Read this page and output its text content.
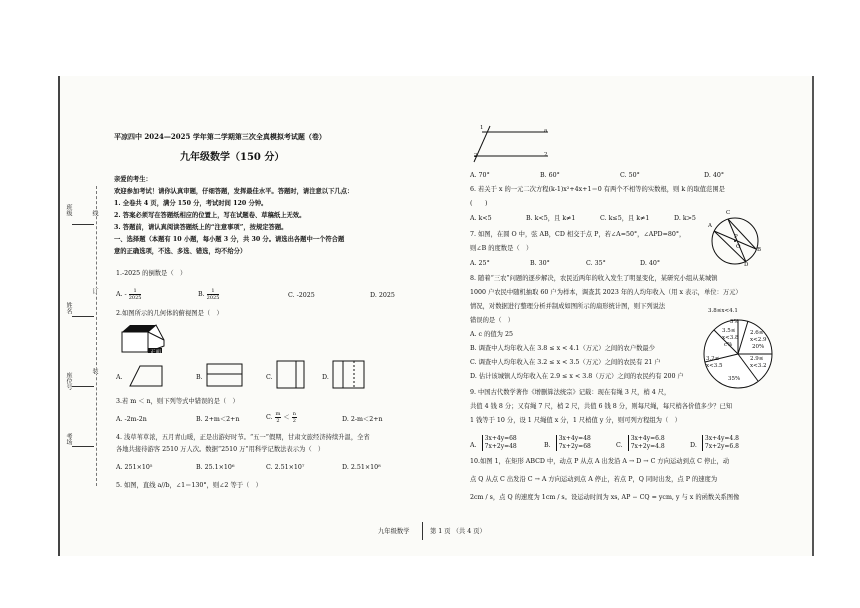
班级
姓名
座位号
考场
线
订
装
平凉四中 2024—2025 学年第二学期第三次全真模拟考试题（卷）
九年级数学（150 分）
亲爱的考生：
欢迎参加考试！请你认真审题，仔细答题，发挥最佳水平。答题时，请注意以下几点：
1. 全卷共 4 页，满分 150 分，考试时间 120 分钟。
2. 答案必须写在答题纸相应的位置上，写在试题卷、草稿纸上无效。
3. 答题前，请认真阅读答题纸上的“注意事项”，按规定答题。
一、选择题（本题有 10 小题，每小题 3 分，共 30 分。请选出各题中一个符合题
意的正确选项，不选、多选、错选，均不给分）
1.-2025 的倒数是（　）
A. - $\frac{1}{2025}$	B. $\frac{1}{2025}$	C. -2025	D. 2025
2.如图所示的几何体的俯视图是（　）
正面
A.	B.	C.	D.
3.若 m ＜ n，则下列等式中错误的是（　）
A. -2m-2n	B. 2+m＜2+n	C. $\frac{m}{2} < \frac{n}{2}$	D. 2-m＜2+n
4. 浅草苇草浓，五月青山暖，正是出游好时节。“五一”假期，甘肃文旅经济持续升温，全省
各地共接待游客 2510 万人次。数据“2510 万”用科学记数法表示为（　）
A. 251×10⁵	B. 25.1×10⁶	C. 2.51×10⁷	D. 2.51×10⁸
5. 如图，直线 a//b，∠1＝130°，则∠2 等于（　）
九年级数学	第 1 页 （共 4 页）
1
2
a
2
A. 70°	B. 60°	C. 50°	D. 40°
6. 若关于 x 的一元二次方程(k-1)x²+4x+1＝0 有两个不相等的实数根，则 k 的取值范围是
(　　)
A. k<5	B. k<5，且 k≠1	C. k≤5，且 k≠1	D. k>5
7. 如图，在圆 O 中，弦 AB，CD 相交于点 P，若∠A=50°，∠APD=80°，
则∠B 的度数是（　）
A. 25°	B. 30°	C. 35°	D. 40°
A
B
C
D
P
O
8. 随着“三农”问题的逐步解决，农民近两年的收入发生了明显变化，某研究小组从某城镇
1000 户农民中随机抽取 60 户为样本，调查其 2023 年的人均年收入（用 x 表示，单位：万元）
情况，对数据进行整理分析并制成如图所示的扇形统计图，则下列说法
错误的是（　）
A. c 的值为 25
B. 调查中人均年收入在 3.8 ≤ x < 4.1（万元）之间的农户数最少
C. 调查中人均年收入在 3.2 ≤ x < 3.5（万元）之间的农民有 21 户
D. 估计该城镇人均年收入在 2.9 ≤ x < 3.8（万元）之间的农民约有 200 户
3.8≤x<4.1
5%
2.6≤
x<2.9
20%
3.5≤
x<3.8
c%
3.2≤
x<3.5
2.9≤
x<3.2
35%
9. 中国古代数学著作《增删算法统宗》记载：现在有绳 3 尺，梢 4 尺，
共值 4 钱 8 分；又有绳 7 尺，梢 2 尺，共值 6 钱 8 分，则每尺绳，每尺梢各价值多少？已知
1 钱等于 10 分，设 1 尺绳值 x 分，1 尺梢值 y 分，则可列方程组为（　）
A. 3x+4y=68
7x+2y=48	B. 3x+4y=48
7x+2y=68	C. 3x+4y=6.8
7x+2y=4.8	D. 3x+4y=4.8
7x+2y=6.8
10.如图 1，在矩形 ABCD 中，动点 P 从点 A 出发沿 A → D → C 方向运动到点 C 停止，动
点 Q 从点 C 出发沿 C → A 方向运动到点 A 停止，若点 P，Q 同时出发，点 P 的速度为
2cm / s，点 Q 的速度为 1cm / s。设运动时间为 xs, AP − CQ = ycm, y 与 x 的函数关系图像
